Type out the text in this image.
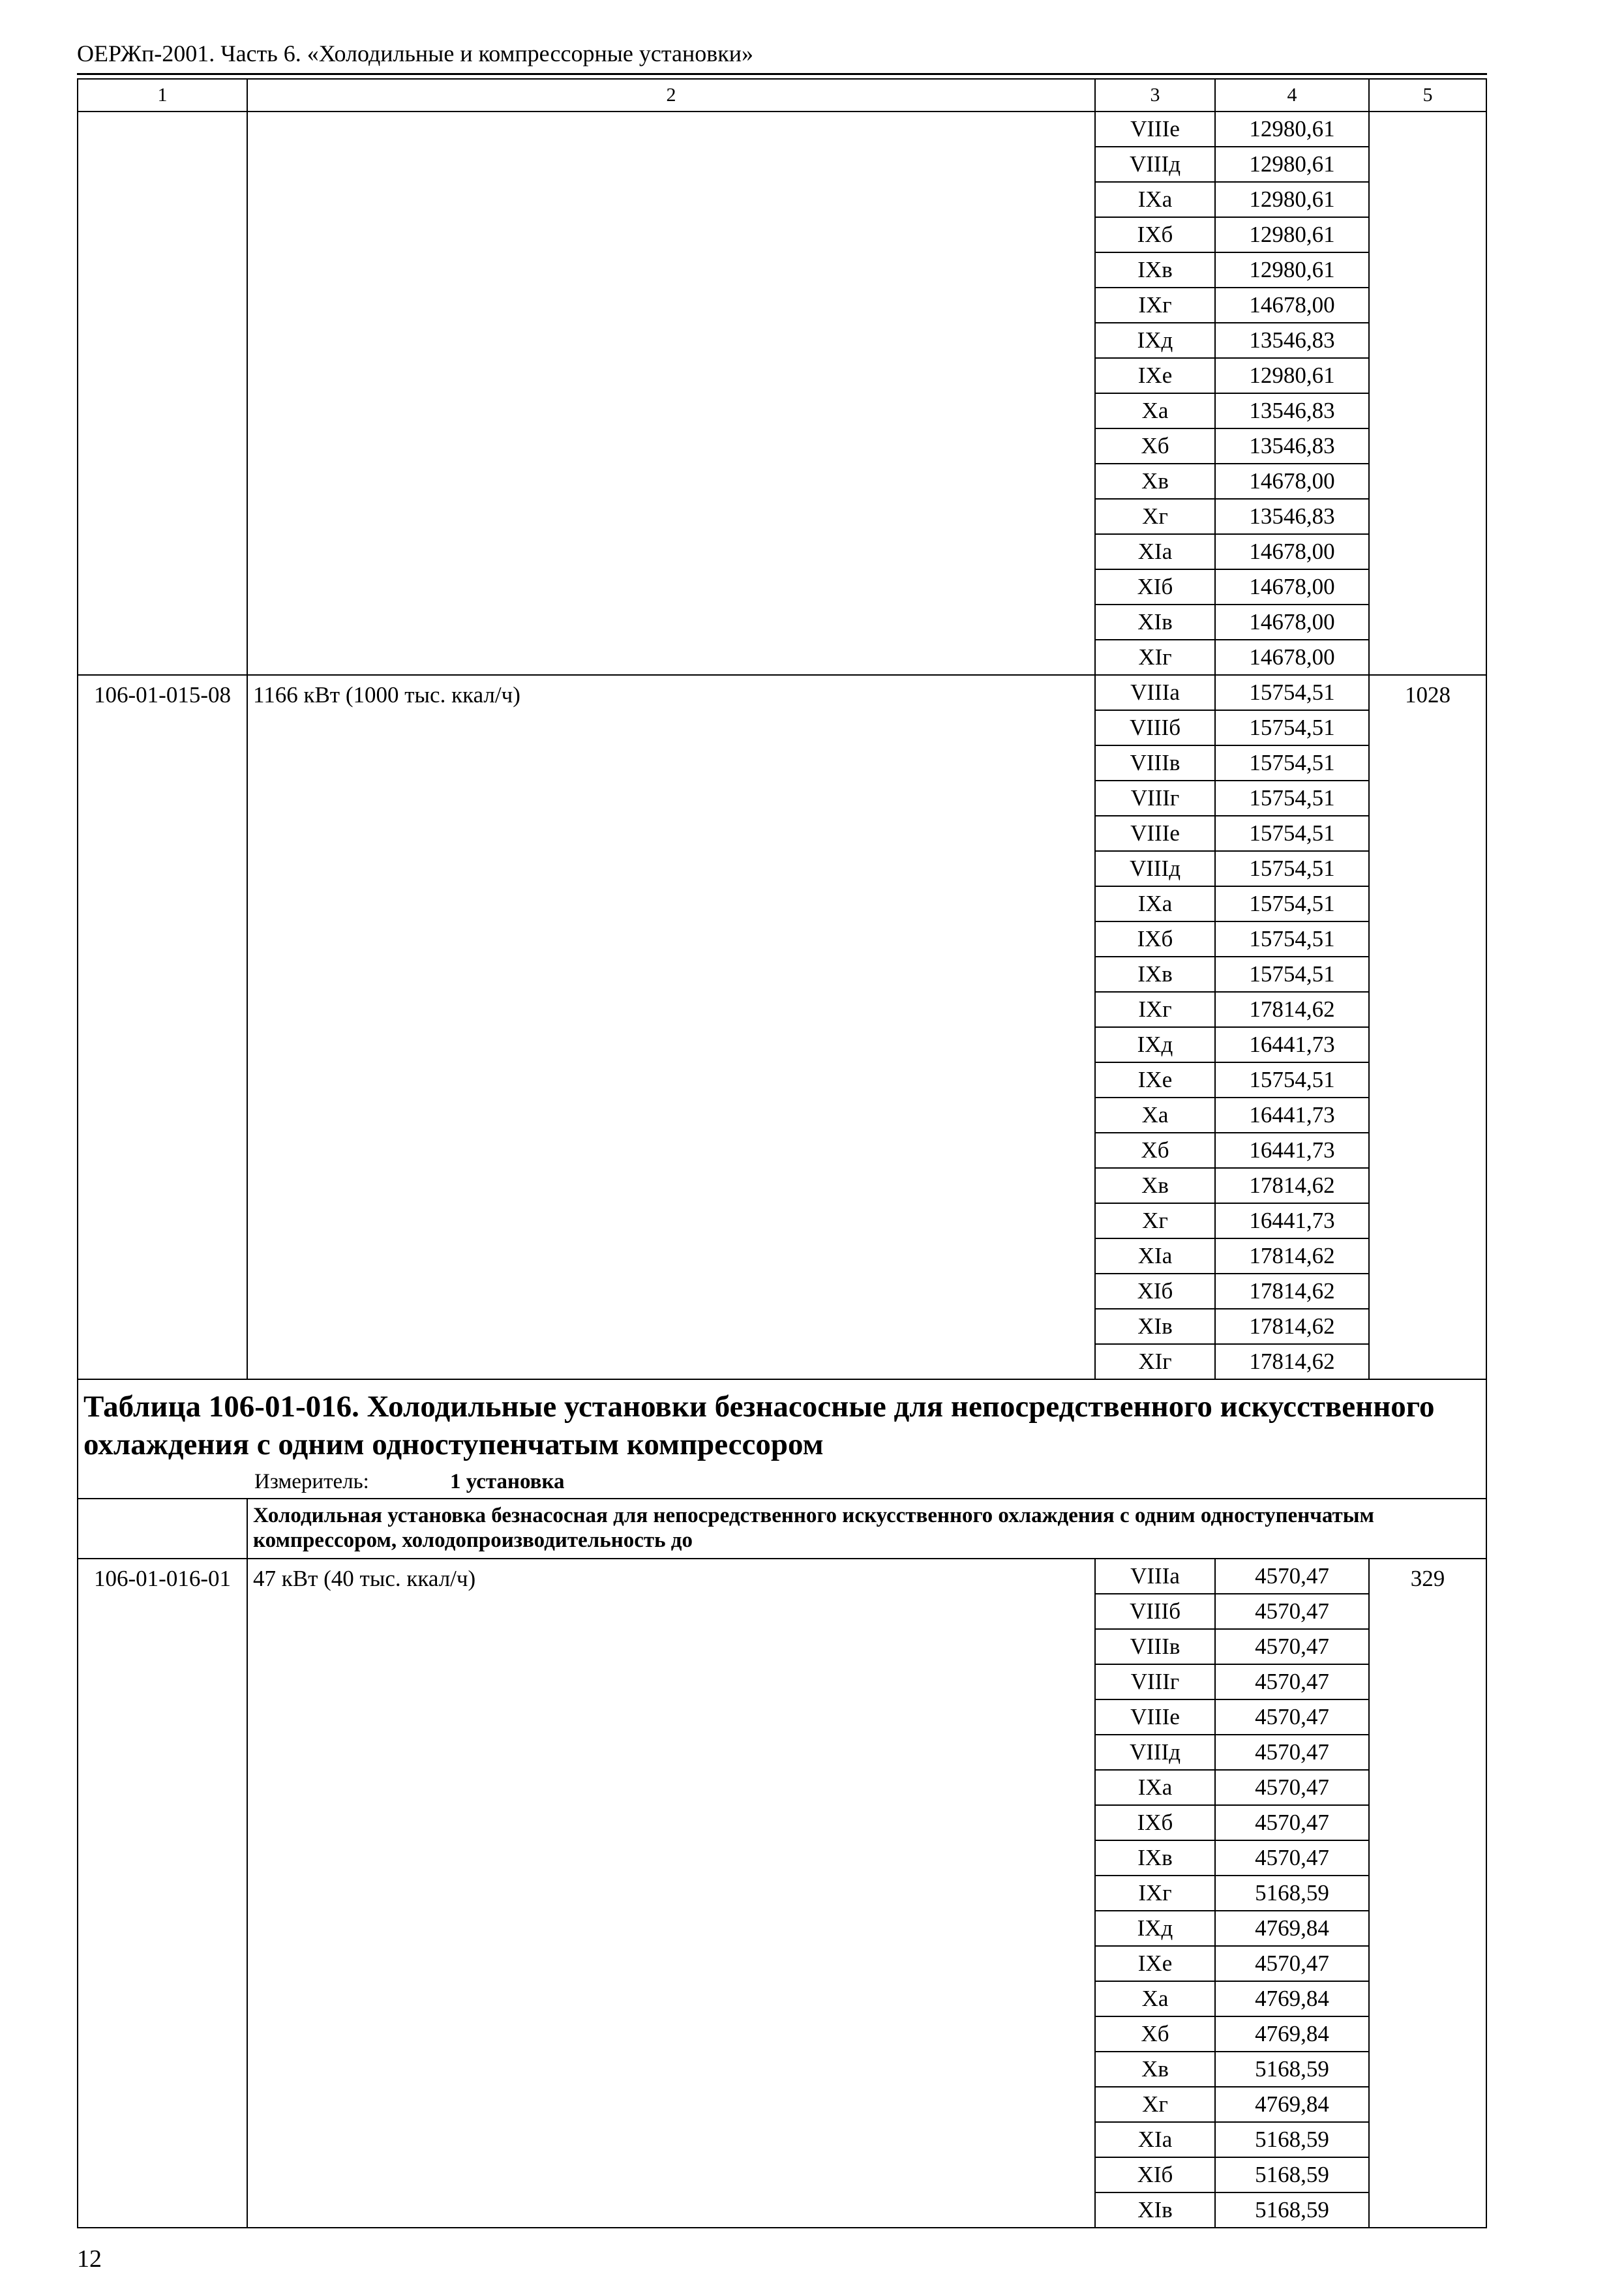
ОЕРЖп-2001. Часть 6. «Холодильные и компрессорные установки»
1	2	3	4	5
		VIIIе	12980,61	
		VIIIд	12980,61	
		IXа	12980,61	
		IXб	12980,61	
		IXв	12980,61	
		IXг	14678,00	
		IXд	13546,83	
		IXе	12980,61	
		Xа	13546,83	
		Xб	13546,83	
		Xв	14678,00	
		Xг	13546,83	
		XIа	14678,00	
		XIб	14678,00	
		XIв	14678,00	
		XIг	14678,00	
106-01-015-08	1166 кВт (1000 тыс. ккал/ч)	VIIIа	15754,51	1028
		VIIIб	15754,51	
		VIIIв	15754,51	
		VIIIг	15754,51	
		VIIIе	15754,51	
		VIIIд	15754,51	
		IXа	15754,51	
		IXб	15754,51	
		IXв	15754,51	
		IXг	17814,62	
		IXд	16441,73	
		IXе	15754,51	
		Xа	16441,73	
		Xб	16441,73	
		Xв	17814,62	
		Xг	16441,73	
		XIа	17814,62	
		XIб	17814,62	
		XIв	17814,62	
		XIг	17814,62	

Таблица 106-01-016. Холодильные установки безнасосные для непосредственного искусственного охлаждения с одним одноступенчатым компрессором
Измеритель: 1 установка				

	Холодильная установка безнасосная для непосредственного искусственного охлаждения с одним одноступенчатым компрессором, холодопроизводительность до			
106-01-016-01	47 кВт (40 тыс. ккал/ч)	VIIIа	4570,47	329
		VIIIб	4570,47	
		VIIIв	4570,47	
		VIIIг	4570,47	
		VIIIе	4570,47	
		VIIIд	4570,47	
		IXа	4570,47	
		IXб	4570,47	
		IXв	4570,47	
		IXг	5168,59	
		IXд	4769,84	
		IXе	4570,47	
		Xа	4769,84	
		Xб	4769,84	
		Xв	5168,59	
		Xг	4769,84	
		XIа	5168,59	
		XIб	5168,59	
		XIв	5168,59	
12
